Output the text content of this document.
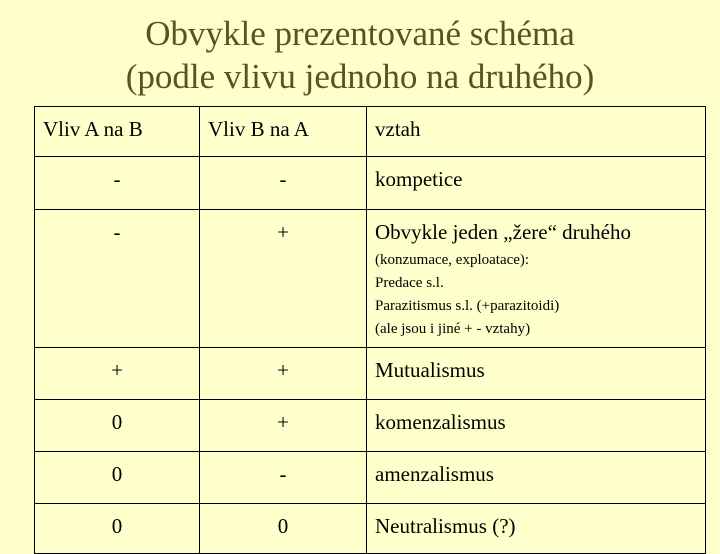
Obvykle prezentované schéma
(podle vlivu jednoho na druhého)
Vliv A na B	Vliv B na A	vztah

-	-	kompetice

-	+	Obvykle jeden „žere“ druhého
(konzumace, exploatace):
Predace s.l.
Parazitismus s.l. (+parazitoidi)
(ale jsou i jiné + - vztahy)

+	+	Mutualismus

0	+	komenzalismus

0	-	amenzalismus

0	0	Neutralismus (?)
